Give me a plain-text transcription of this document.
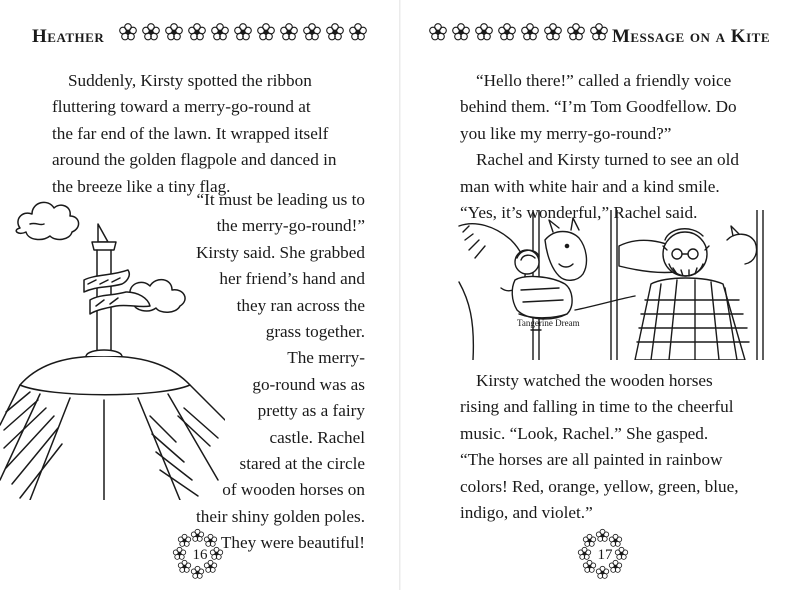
Heather
Suddenly, Kirsty spotted the ribbon
fluttering toward a merry-go-round at
the far end of the lawn. It wrapped itself
around the golden flagpole and danced in
the breeze like a tiny flag.
“It must be leading us to
the merry-go-round!”
Kirsty said. She grabbed
her friend’s hand and
they ran across the
grass together.
The merry-
go-round was as
pretty as a fairy
castle. Rachel
stared at the circle
of wooden horses on
their shiny golden poles.
They were beautiful!
16
Message on a Kite
“Hello there!” called a friendly voice
behind them. “I’m Tom Goodfellow. Do
you like my merry-go-round?”
Rachel and Kirsty turned to see an old
man with white hair and a kind smile.
“Yes, it’s wonderful,” Rachel said.
Tangerine Dream
Kirsty watched the wooden horses
rising and falling in time to the cheerful
music. “Look, Rachel.” She gasped.
“The horses are all painted in rainbow
colors! Red, orange, yellow, green, blue,
indigo, and violet.”
17
